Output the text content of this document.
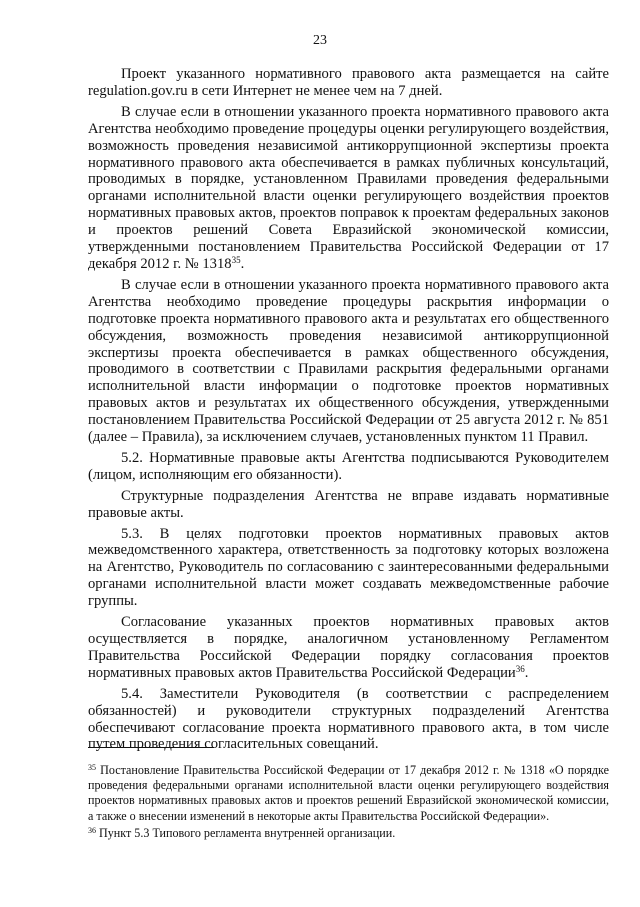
23

Проект указанного нормативного правового акта размещается на сайте regulation.gov.ru в сети Интернет не менее чем на 7 дней.

В случае если в отношении указанного проекта нормативного правового акта Агентства необходимо проведение процедуры оценки регулирующего воздействия, возможность проведения независимой антикоррупционной экспертизы проекта нормативного правового акта обеспечивается в рамках публичных консультаций, проводимых в порядке, установленном Правилами проведения федеральными органами исполнительной власти оценки регулирующего воздействия проектов нормативных правовых актов, проектов поправок к проектам федеральных законов и проектов решений Совета Евразийской экономической комиссии, утвержденными постановлением Правительства Российской Федерации от 17 декабря 2012 г. № 1318$^{35}$.

В случае если в отношении указанного проекта нормативного правового акта Агентства необходимо проведение процедуры раскрытия информации о подготовке проекта нормативного правового акта и результатах его общественного обсуждения, возможность проведения независимой антикоррупционной экспертизы проекта обеспечивается в рамках общественного обсуждения, проводимого в соответствии с Правилами раскрытия федеральными органами исполнительной власти информации о подготовке проектов нормативных правовых актов и результатах их общественного обсуждения, утвержденными постановлением Правительства Российской Федерации от 25 августа 2012 г. № 851 (далее – Правила), за исключением случаев, установленных пунктом 11 Правил.

5.2. Нормативные правовые акты Агентства подписываются Руководителем (лицом, исполняющим его обязанности).

Структурные подразделения Агентства не вправе издавать нормативные правовые акты.

5.3. В целях подготовки проектов нормативных правовых актов межведомственного характера, ответственность за подготовку которых возложена на Агентство, Руководитель по согласованию с заинтересованными федеральными органами исполнительной власти может создавать межведомственные рабочие группы.

Согласование указанных проектов нормативных правовых актов осуществляется в порядке, аналогичном установленному Регламентом Правительства Российской Федерации порядку согласования проектов нормативных правовых актов Правительства Российской Федерации$^{36}$.

5.4. Заместители Руководителя (в соответствии с распределением обязанностей) и руководители структурных подразделений Агентства обеспечивают согласование проекта нормативного правового акта, в том числе путем проведения согласительных совещаний.

$^{35}$ Постановление Правительства Российской Федерации от 17 декабря 2012 г. № 1318 «О порядке проведения федеральными органами исполнительной власти оценки регулирующего воздействия проектов нормативных правовых актов и проектов решений Евразийской экономической комиссии, а также о внесении изменений в некоторые акты Правительства Российской Федерации».

$^{36}$ Пункт 5.3 Типового регламента внутренней организации.
